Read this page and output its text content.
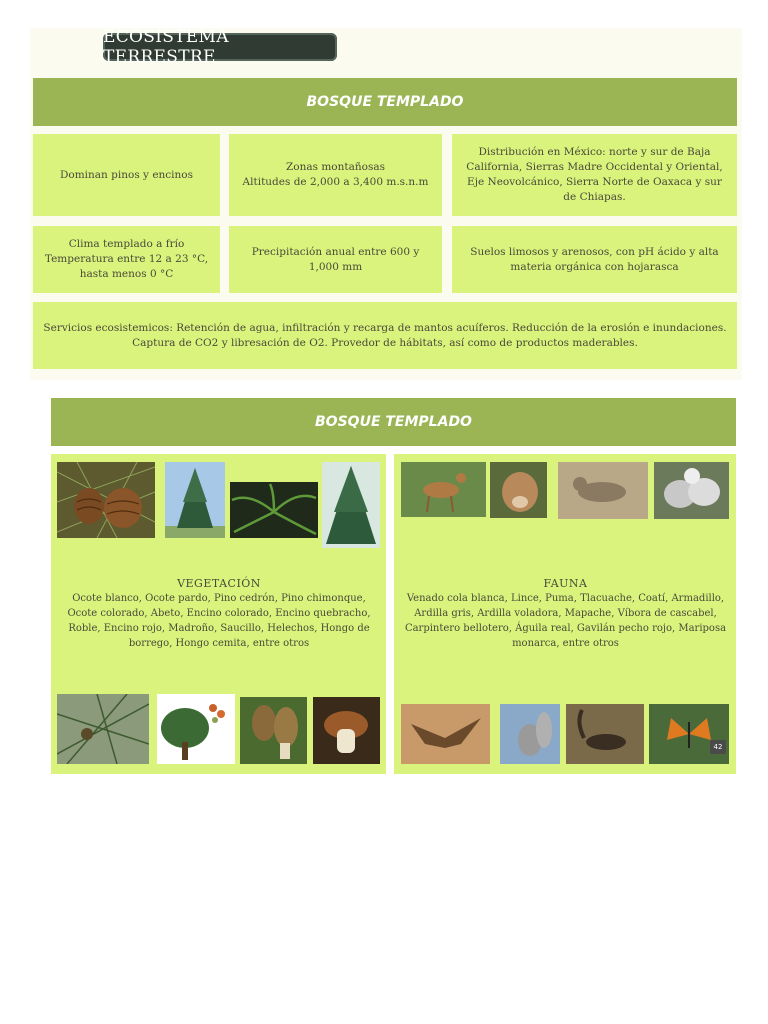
ECOSISTEMA TERRESTRE
BOSQUE TEMPLADO
Dominan pinos y encinos
Zonas montañosas
Altitudes de 2,000 a 3,400 m.s.n.m
Distribución en México: norte y sur de Baja California, Sierras Madre Occidental y Oriental, Eje Neovolcánico, Sierra Norte de Oaxaca y sur de Chiapas.
Clima templado a frío
Temperatura entre 12 a 23 °C, hasta menos 0 °C
Precipitación anual entre 600 y 1,000 mm
Suelos limosos y arenosos, con pH ácido y alta materia orgánica con hojarasca
Servicios ecosistemicos: Retención de agua, infiltración y recarga de mantos acuíferos. Reducción de la erosión e inundaciones. Captura de CO2 y libresación de O2. Provedor de hábitats, así como de productos maderables.
BOSQUE TEMPLADO
VEGETACIÓN
Ocote blanco, Ocote pardo, Pino cedrón, Pino chimonque, Ocote colorado, Abeto, Encino colorado, Encino quebracho, Roble, Encino rojo, Madroño, Saucillo, Helechos, Hongo de borrego, Hongo cemita, entre otros
FAUNA
Venado cola blanca, Lince, Puma, Tlacuache, Coatí, Armadillo, Ardilla gris, Ardilla voladora, Mapache, Víbora de cascabel, Carpintero bellotero, Águila real, Gavilán pecho rojo, Mariposa monarca, entre otros
42
